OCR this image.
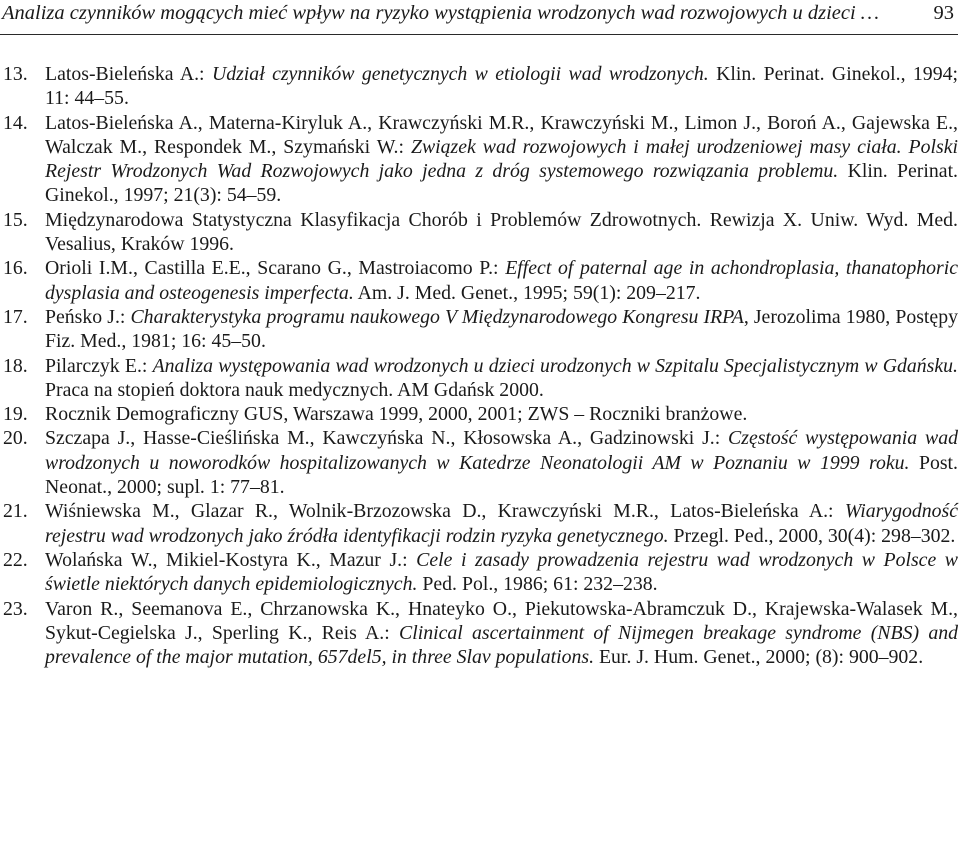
Analiza czynników mogących mieć wpływ na ryzyko wystąpienia wrodzonych wad rozwojowych u dzieci …	93
13. Latos-Bieleńska A.: Udział czynników genetycznych w etiologii wad wrodzonych. Klin. Perinat. Ginekol., 1994; 11: 44–55.
14. Latos-Bieleńska A., Materna-Kiryluk A., Krawczyński M.R., Krawczyński M., Limon J., Boroń A., Gajewska E., Walczak M., Respondek M., Szymański W.: Związek wad rozwojowych i małej urodzeniowej masy ciała. Polski Rejestr Wrodzonych Wad Rozwojowych jako jedna z dróg systemowego rozwiązania problemu. Klin. Perinat. Ginekol., 1997; 21(3): 54–59.
15. Międzynarodowa Statystyczna Klasyfikacja Chorób i Problemów Zdrowotnych. Rewizja X. Uniw. Wyd. Med. Vesalius, Kraków 1996.
16. Orioli I.M., Castilla E.E., Scarano G., Mastroiacomo P.: Effect of paternal age in achondroplasia, thanatophoric dysplasia and osteogenesis imperfecta. Am. J. Med. Genet., 1995; 59(1): 209–217.
17. Peńsko J.: Charakterystyka programu naukowego V Międzynarodowego Kongresu IRPA, Jerozolima 1980, Postępy Fiz. Med., 1981; 16: 45–50.
18. Pilarczyk E.: Analiza występowania wad wrodzonych u dzieci urodzonych w Szpitalu Specjalistycznym w Gdańsku. Praca na stopień doktora nauk medycznych. AM Gdańsk 2000.
19. Rocznik Demograficzny GUS, Warszawa 1999, 2000, 2001; ZWS – Roczniki branżowe.
20. Szczapa J., Hasse-Cieślińska M., Kawczyńska N., Kłosowska A., Gadzinowski J.: Częstość występowania wad wrodzonych u noworodków hospitalizowanych w Katedrze Neonatologii AM w Poznaniu w 1999 roku. Post. Neonat., 2000; supl. 1: 77–81.
21. Wiśniewska M., Glazar R., Wolnik-Brzozowska D., Krawczyński M.R., Latos-Bieleńska A.: Wiarygodność rejestru wad wrodzonych jako źródła identyfikacji rodzin ryzyka genetycznego. Przegl. Ped., 2000, 30(4): 298–302.
22. Wolańska W., Mikiel-Kostyra K., Mazur J.: Cele i zasady prowadzenia rejestru wad wrodzonych w Polsce w świetle niektórych danych epidemiologicznych. Ped. Pol., 1986; 61: 232–238.
23. Varon R., Seemanova E., Chrzanowska K., Hnateyko O., Piekutowska-Abramczuk D., Krajewska-Walasek M., Sykut-Cegielska J., Sperling K., Reis A.: Clinical ascertainment of Nijmegen breakage syndrome (NBS) and prevalence of the major mutation, 657del5, in three Slav populations. Eur. J. Hum. Genet., 2000; (8): 900–902.
